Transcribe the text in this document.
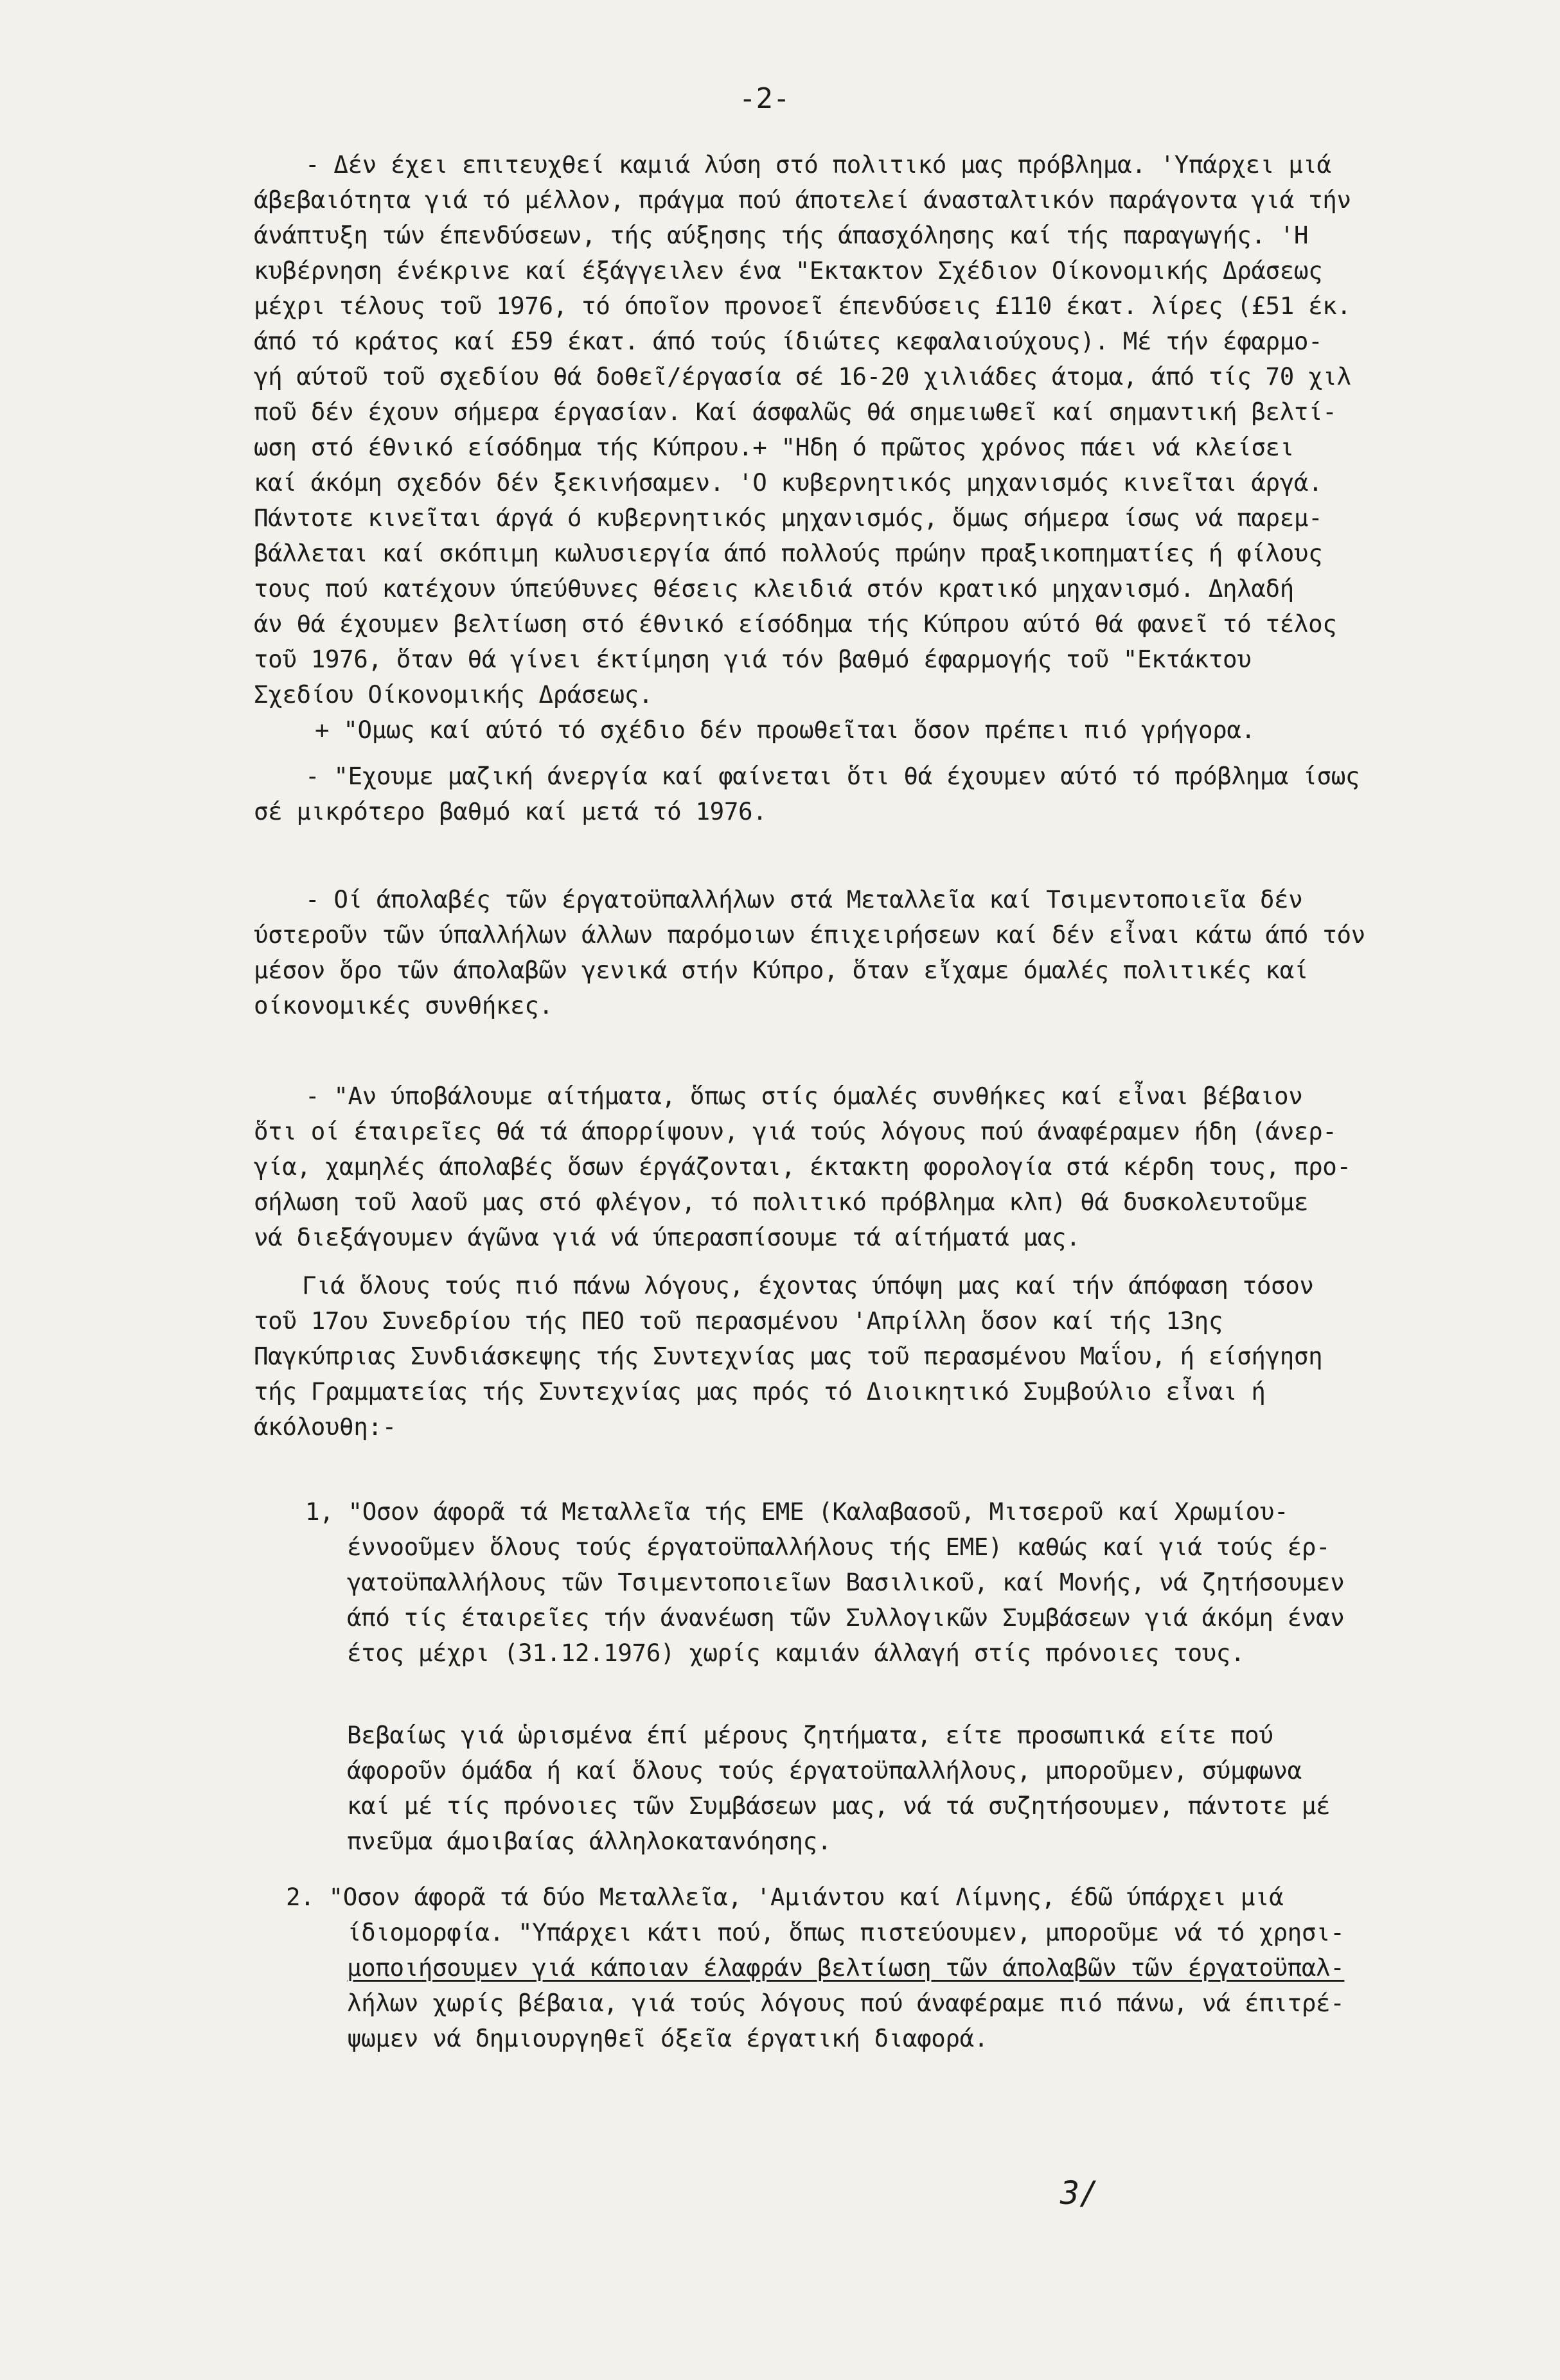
-2-

- Δέν έχει επιτευχθεί καμιά λύση στό πολιτικό μας πρόβλημα. 'Υπάρχει μιά

άβεβαιότητα γιά τό μέλλον, πράγμα πού άποτελεί άνασταλτικόν παράγοντα γιά τήν

άνάπτυξη τών έπενδύσεων, τής αύξησης τής άπασχόλησης καί τής παραγωγής. 'Η

κυβέρνηση ένέκρινε καί έξάγγειλεν ένα "Εκτακτον Σχέδιον Οίκονομικής Δράσεως

μέχρι τέλους τοῦ 1976, τό όποῖον προνοεῖ έπενδύσεις £110 έκατ. λίρες (£51 έκ.

άπό τό κράτος καί £59 έκατ. άπό τούς ίδιώτες κεφαλαιούχους). Μέ τήν έφαρμο-

γή αύτοῦ τοῦ σχεδίου θά δοθεῖ/έργασία σέ 16-20 χιλιάδες άτομα, άπό τίς 70 χιλ

ποῦ δέν έχουν σήμερα έργασίαν. Καί άσφαλῶς θά σημειωθεῖ καί σημαντική βελτί-

ωση στό έθνικό είσόδημα τής Κύπρου.+ "Ηδη ό πρῶτος χρόνος πάει νά κλείσει

καί άκόμη σχεδόν δέν ξεκινήσαμεν. 'Ο κυβερνητικός μηχανισμός κινεῖται άργά.

Πάντοτε κινεῖται άργά ό κυβερνητικός μηχανισμός, ὅμως σήμερα ίσως νά παρεμ-

βάλλεται καί σκόπιμη κωλυσιεργία άπό πολλούς πρώην πραξικοπηματίες ή φίλους

τους πού κατέχουν ύπεύθυνες θέσεις κλειδιά στόν κρατικό μηχανισμό. Δηλαδή

άν θά έχουμεν βελτίωση στό έθνικό είσόδημα τής Κύπρου αύτό θά φανεῖ τό τέλος

τοῦ 1976, ὅταν θά γίνει έκτίμηση γιά τόν βαθμό έφαρμογής τοῦ "Εκτάκτου

Σχεδίου Οίκονομικής Δράσεως.

+ "Ομως καί αύτό τό σχέδιο δέν προωθεῖται ὅσον πρέπει πιό γρήγορα.

- "Εχουμε μαζική άνεργία καί φαίνεται ὅτι θά έχουμεν αύτό τό πρόβλημα ίσως

σέ μικρότερο βαθμό καί μετά τό 1976.

- Οί άπολαβές τῶν έργατοϋπαλλήλων στά Μεταλλεῖα καί Τσιμεντοποιεῖα δέν

ύστεροῦν τῶν ύπαλλήλων άλλων παρόμοιων έπιχειρήσεων καί δέν εἶναι κάτω άπό τόν

μέσον ὅρο τῶν άπολαβῶν γενικά στήν Κύπρο, ὅταν εἴχαμε όμαλές πολιτικές καί

οίκονομικές συνθήκες.

- "Αν ύποβάλουμε αίτήματα, ὅπως στίς όμαλές συνθήκες καί εἶναι βέβαιον

ὅτι οί έταιρεῖες θά τά άπορρίψουν, γιά τούς λόγους πού άναφέραμεν ήδη (άνερ-

γία, χαμηλές άπολαβές ὅσων έργάζονται, έκτακτη φορολογία στά κέρδη τους, προ-

σήλωση τοῦ λαοῦ μας στό φλέγον, τό πολιτικό πρόβλημα κλπ) θά δυσκολευτοῦμε

νά διεξάγουμεν άγῶνα γιά νά ύπερασπίσουμε τά αίτήματά μας.

Γιά ὅλους τούς πιό πάνω λόγους, έχοντας ύπόψη μας καί τήν άπόφαση τόσον

τοῦ 17ου Συνεδρίου τής ΠΕΟ τοῦ περασμένου 'Απρίλλη ὅσον καί τής 13ης

Παγκύπριας Συνδιάσκεψης τής Συντεχνίας μας τοῦ περασμένου Μαΐου, ή είσήγηση

τής Γραμματείας τής Συντεχνίας μας πρός τό Διοικητικό Συμβούλιο εἶναι ή

άκόλουθη:-

1, "Οσον άφορᾶ τά Μεταλλεῖα τής ΕΜΕ (Καλαβασοῦ, Μιτσεροῦ καί Χρωμίου-

έννοοῦμεν ὅλους τούς έργατοϋπαλλήλους τής ΕΜΕ) καθώς καί γιά τούς έρ-

γατοϋπαλλήλους τῶν Τσιμεντοποιεῖων Βασιλικοῦ, καί Μονής, νά ζητήσουμεν

άπό τίς έταιρεῖες τήν άνανέωση τῶν Συλλογικῶν Συμβάσεων γιά άκόμη έναν

έτος μέχρι (31.12.1976) χωρίς καμιάν άλλαγή στίς πρόνοιες τους.

Βεβαίως γιά ὡρισμένα έπί μέρους ζητήματα, είτε προσωπικά είτε πού

άφοροῦν όμάδα ή καί ὅλους τούς έργατοϋπαλλήλους, μποροῦμεν, σύμφωνα

καί μέ τίς πρόνοιες τῶν Συμβάσεων μας, νά τά συζητήσουμεν, πάντοτε μέ

πνεῦμα άμοιβαίας άλληλοκατανόησης.

2. "Οσον άφορᾶ τά δύο Μεταλλεῖα, 'Αμιάντου καί Λίμνης, έδῶ ύπάρχει μιά

ίδιομορφία. "Υπάρχει κάτι πού, ὅπως πιστεύουμεν, μποροῦμε νά τό χρησι-

μοποιήσουμεν γιά κάποιαν έλαφράν βελτίωση τῶν άπολαβῶν τῶν έργατοϋπαλ-

λήλων χωρίς βέβαια, γιά τούς λόγους πού άναφέραμε πιό πάνω, νά έπιτρέ-

ψωμεν νά δημιουργηθεῖ όξεῖα έργατική διαφορά.

3/
